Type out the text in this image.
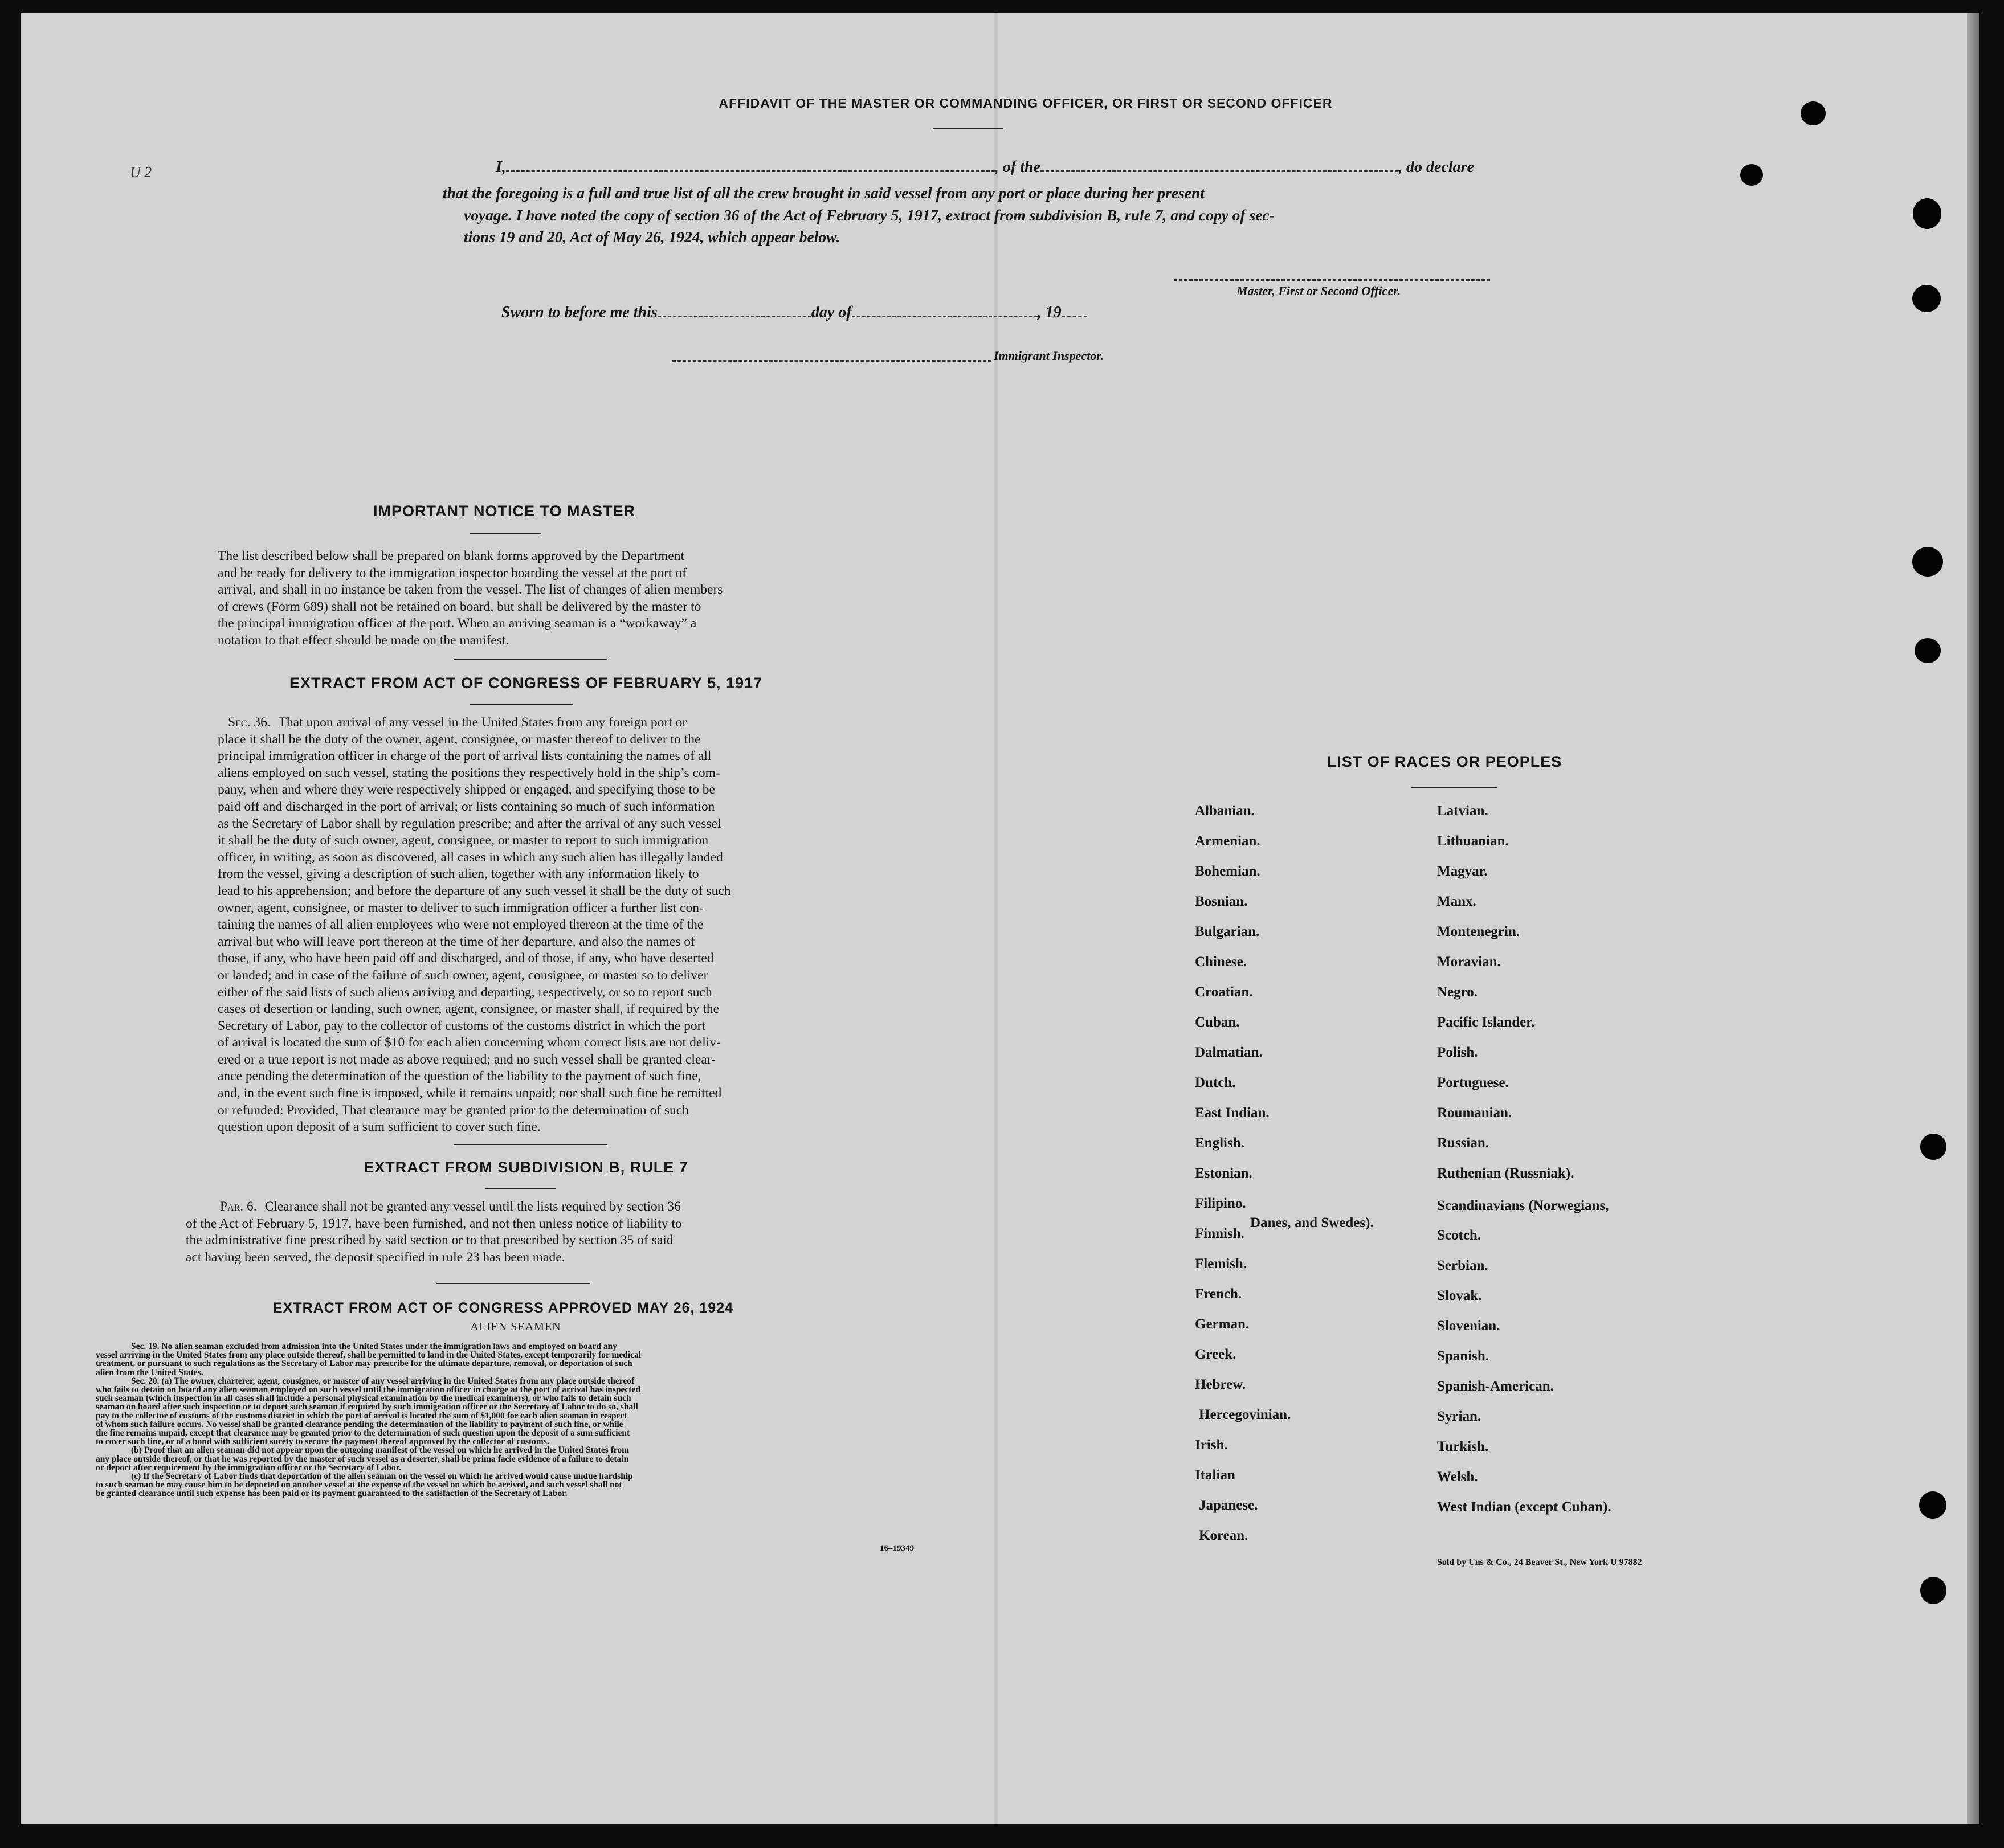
AFFIDAVIT OF THE MASTER OR COMMANDING OFFICER, OR FIRST OR SECOND OFFICER
U 2	I,	, of the	, do declare
that the foregoing is a full and true list of all the crew brought in said vessel from any port or place during her present
voyage. I have noted the copy of section 36 of the Act of February 5, 1917, extract from subdivision B, rule 7, and copy of sec-
tions 19 and 20, Act of May 26, 1924, which appear below.
Master, First or Second Officer.
Sworn to before me this	day of	, 19
Immigrant Inspector.
IMPORTANT NOTICE TO MASTER
The list described below shall be prepared on blank forms approved by the Department
and be ready for delivery to the immigration inspector boarding the vessel at the port of
arrival, and shall in no instance be taken from the vessel. The list of changes of alien members
of crews (Form 689) shall not be retained on board, but shall be delivered by the master to
the principal immigration officer at the port. When an arriving seaman is a “workaway” a
notation to that effect should be made on the manifest.
EXTRACT FROM ACT OF CONGRESS OF FEBRUARY 5, 1917
Sec. 36. That upon arrival of any vessel in the United States from any foreign port or
place it shall be the duty of the owner, agent, consignee, or master thereof to deliver to the
principal immigration officer in charge of the port of arrival lists containing the names of all
aliens employed on such vessel, stating the positions they respectively hold in the ship’s com-
pany, when and where they were respectively shipped or engaged, and specifying those to be
paid off and discharged in the port of arrival; or lists containing so much of such information
as the Secretary of Labor shall by regulation prescribe; and after the arrival of any such vessel
it shall be the duty of such owner, agent, consignee, or master to report to such immigration
officer, in writing, as soon as discovered, all cases in which any such alien has illegally landed
from the vessel, giving a description of such alien, together with any information likely to
lead to his apprehension; and before the departure of any such vessel it shall be the duty of such
owner, agent, consignee, or master to deliver to such immigration officer a further list con-
taining the names of all alien employees who were not employed thereon at the time of the
arrival but who will leave port thereon at the time of her departure, and also the names of
those, if any, who have been paid off and discharged, and of those, if any, who have deserted
or landed; and in case of the failure of such owner, agent, consignee, or master so to deliver
either of the said lists of such aliens arriving and departing, respectively, or so to report such
cases of desertion or landing, such owner, agent, consignee, or master shall, if required by the
Secretary of Labor, pay to the collector of customs of the customs district in which the port
of arrival is located the sum of $10 for each alien concerning whom correct lists are not deliv-
ered or a true report is not made as above required; and no such vessel shall be granted clear-
ance pending the determination of the question of the liability to the payment of such fine,
and, in the event such fine is imposed, while it remains unpaid; nor shall such fine be remitted
or refunded: Provided, That clearance may be granted prior to the determination of such
question upon deposit of a sum sufficient to cover such fine.
EXTRACT FROM SUBDIVISION B, RULE 7
Par. 6. Clearance shall not be granted any vessel until the lists required by section 36
of the Act of February 5, 1917, have been furnished, and not then unless notice of liability to
the administrative fine prescribed by said section or to that prescribed by section 35 of said
act having been served, the deposit specified in rule 23 has been made.
EXTRACT FROM ACT OF CONGRESS APPROVED MAY 26, 1924
ALIEN SEAMEN
Sec. 19. No alien seaman excluded from admission into the United States under the immigration laws and employed on board any
vessel arriving in the United States from any place outside thereof, shall be permitted to land in the United States, except temporarily for medical
treatment, or pursuant to such regulations as the Secretary of Labor may prescribe for the ultimate departure, removal, or deportation of such
alien from the United States.
Sec. 20. (a) The owner, charterer, agent, consignee, or master of any vessel arriving in the United States from any place outside thereof
who fails to detain on board any alien seaman employed on such vessel until the immigration officer in charge at the port of arrival has inspected
such seaman (which inspection in all cases shall include a personal physical examination by the medical examiners), or who fails to detain such
seaman on board after such inspection or to deport such seaman if required by such immigration officer or the Secretary of Labor to do so, shall
pay to the collector of customs of the customs district in which the port of arrival is located the sum of $1,000 for each alien seaman in respect
of whom such failure occurs. No vessel shall be granted clearance pending the determination of the liability to payment of such fine, or while
the fine remains unpaid, except that clearance may be granted prior to the determination of such question upon the deposit of a sum sufficient
to cover such fine, or of a bond with sufficient surety to secure the payment thereof approved by the collector of customs.
(b) Proof that an alien seaman did not appear upon the outgoing manifest of the vessel on which he arrived in the United States from
any place outside thereof, or that he was reported by the master of such vessel as a deserter, shall be prima facie evidence of a failure to detain
or deport after requirement by the immigration officer or the Secretary of Labor.
(c) If the Secretary of Labor finds that deportation of the alien seaman on the vessel on which he arrived would cause undue hardship
to such seaman he may cause him to be deported on another vessel at the expense of the vessel on which he arrived, and such vessel shall not
be granted clearance until such expense has been paid or its payment guaranteed to the satisfaction of the Secretary of Labor.
16–19349
LIST OF RACES OR PEOPLES
Albanian.
Armenian.
Bohemian.
Bosnian.
Bulgarian.
Chinese.
Croatian.
Cuban.
Dalmatian.
Dutch.
East Indian.
English.
Estonian.
Filipino.
Finnish.
Flemish.
French.
German.
Greek.
Hebrew.
Hercegovinian.
Irish.
Italian
Japanese.
Korean.
Latvian.
Lithuanian.
Magyar.
Manx.
Montenegrin.
Moravian.
Negro.
Pacific Islander.
Polish.
Portuguese.
Roumanian.
Russian.
Ruthenian (Russniak).
Scandinavians (Norwegians,
Danes, and Swedes).
Scotch.
Serbian.
Slovak.
Slovenian.
Spanish.
Spanish-American.
Syrian.
Turkish.
Welsh.
West Indian (except Cuban).
Sold by Uns & Co., 24 Beaver St., New York U 97882
